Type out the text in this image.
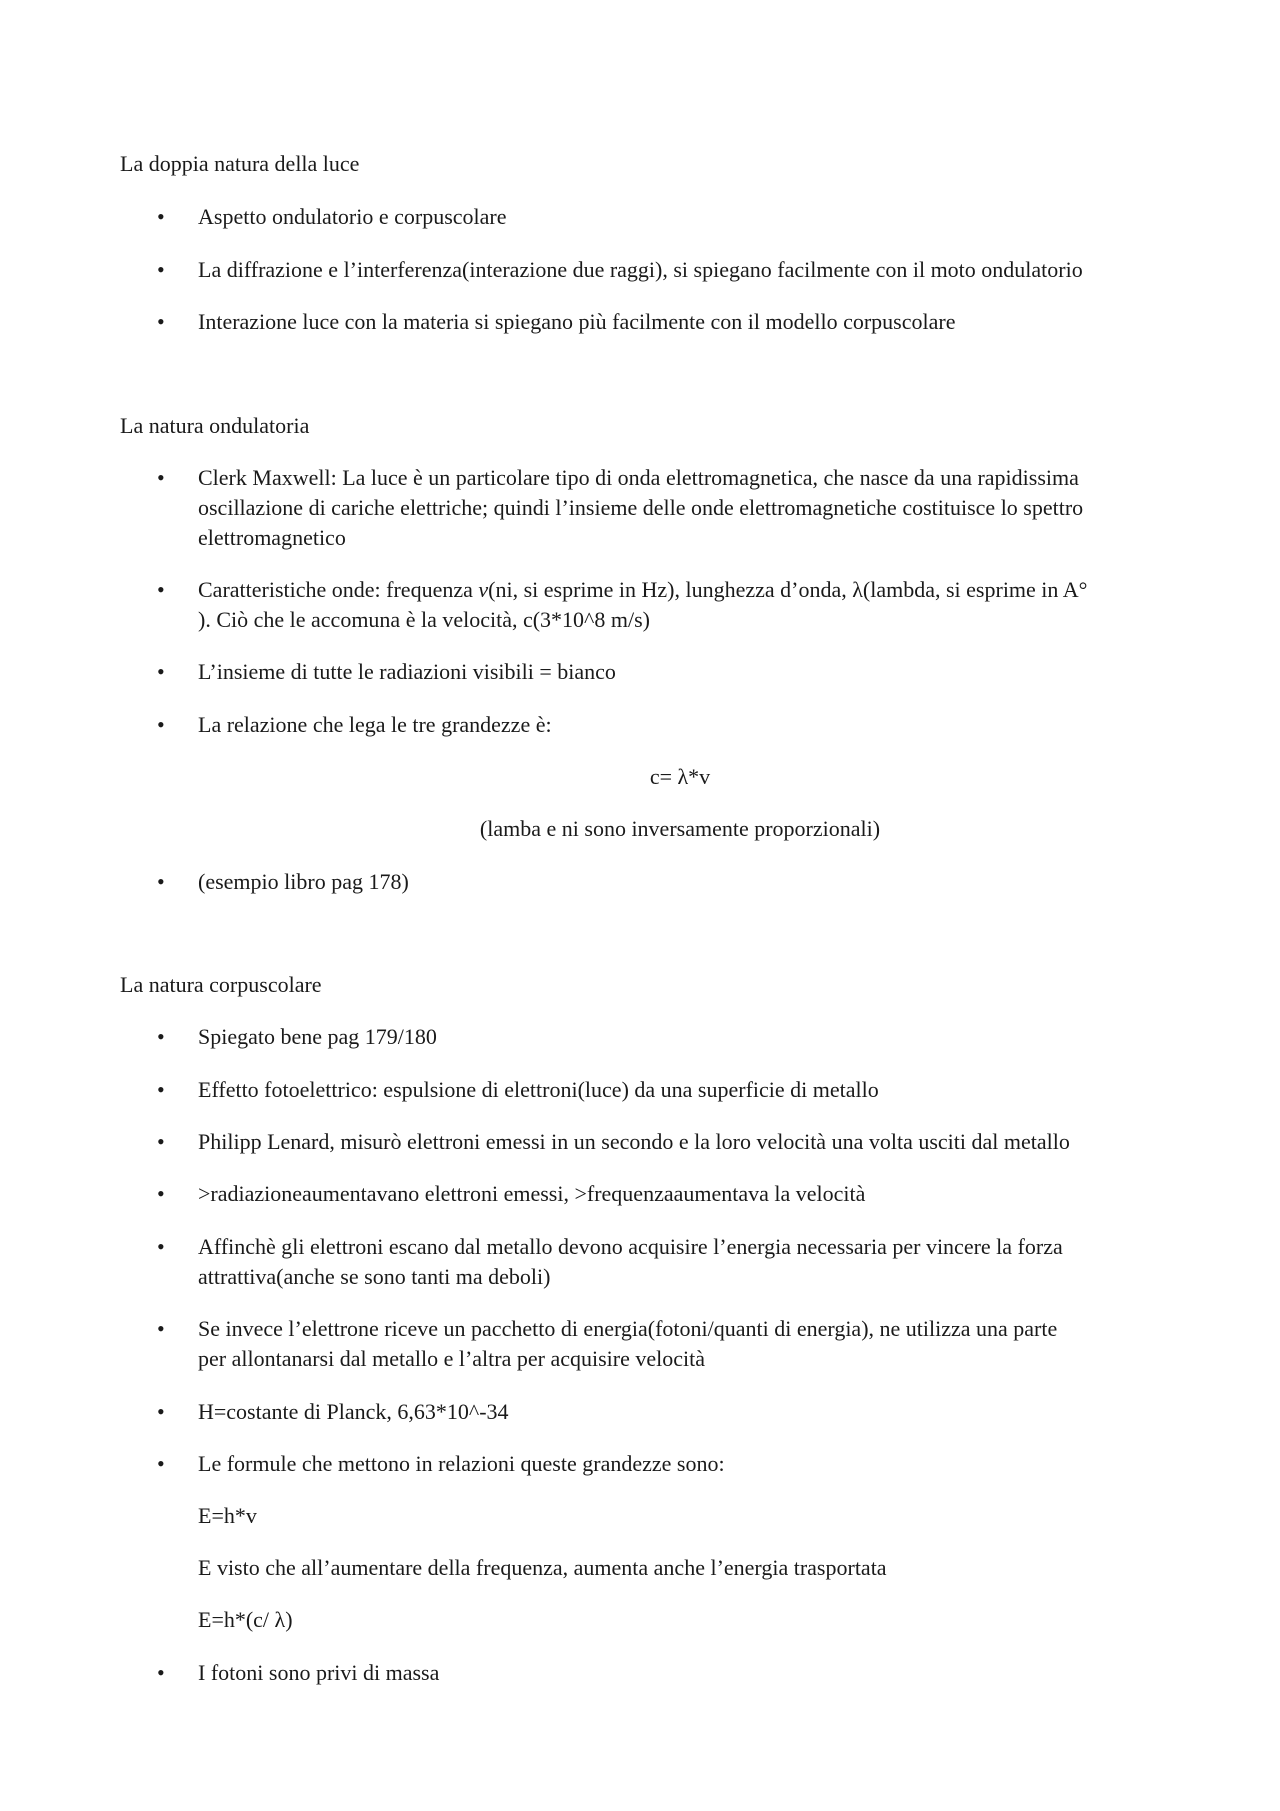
La doppia natura della luce
• Aspetto ondulatorio e corpuscolare
• La diffrazione e l’interferenza(interazione due raggi), si spiegano facilmente con il moto ondulatorio
• Interazione luce con la materia si spiegano più facilmente con il modello corpuscolare
La natura ondulatoria
• Clerk Maxwell: La luce è un particolare tipo di onda elettromagnetica, che nasce da una rapidissima
oscillazione di cariche elettriche; quindi l’insieme delle onde elettromagnetiche costituisce lo spettro
elettromagnetico
• Caratteristiche onde: frequenza v(ni, si esprime in Hz), lunghezza d’onda, λ(lambda, si esprime in A°
). Ciò che le accomuna è la velocità, c(3*10^8 m/s)
• L’insieme di tutte le radiazioni visibili = bianco
• La relazione che lega le tre grandezze è:
c= λ*v
(lamba e ni sono inversamente proporzionali)
• (esempio libro pag 178)
La natura corpuscolare
• Spiegato bene pag 179/180
• Effetto fotoelettrico: espulsione di elettroni(luce) da una superficie di metallo
• Philipp Lenard, misurò elettroni emessi in un secondo e la loro velocità una volta usciti dal metallo
• >radiazioneaumentavano elettroni emessi, >frequenzaaumentava la velocità
• Affinchè gli elettroni escano dal metallo devono acquisire l’energia necessaria per vincere la forza
attrattiva(anche se sono tanti ma deboli)
• Se invece l’elettrone riceve un pacchetto di energia(fotoni/quanti di energia), ne utilizza una parte
per allontanarsi dal metallo e l’altra per acquisire velocità
• H=costante di Planck, 6,63*10^-34
• Le formule che mettono in relazioni queste grandezze sono:
E=h*v
E visto che all’aumentare della frequenza, aumenta anche l’energia trasportata
E=h*(c/ λ)
• I fotoni sono privi di massa
